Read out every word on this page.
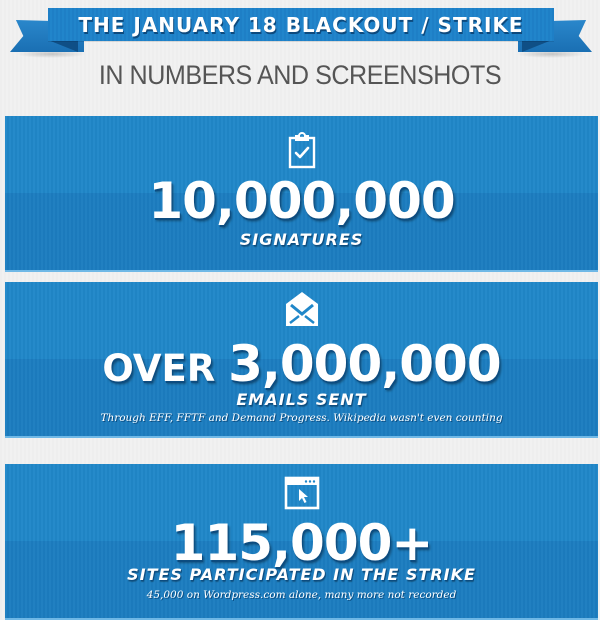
THE JANUARY 18 BLACKOUT / STRIKE
IN NUMBERS AND SCREENSHOTS
10,000,000
SIGNATURES
OVER 3,000,000
EMAILS SENT
Through EFF, FFTF and Demand Progress. Wikipedia wasn't even counting
115,000+
SITES PARTICIPATED IN THE STRIKE
45,000 on Wordpress.com alone, many more not recorded
